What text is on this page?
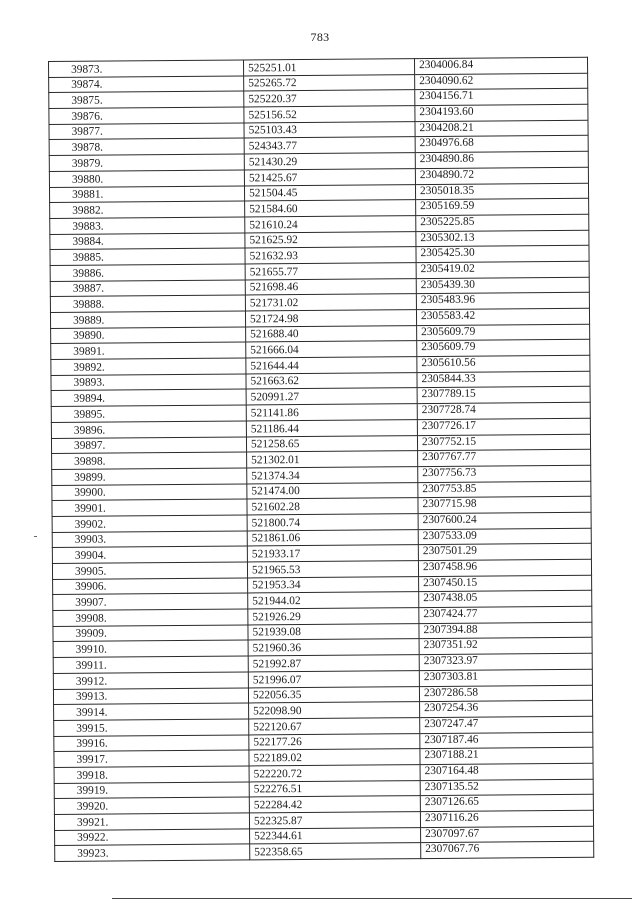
783
39873.	525251.01	2304006.84
39874.	525265.72	2304090.62
39875.	525220.37	2304156.71
39876.	525156.52	2304193.60
39877.	525103.43	2304208.21
39878.	524343.77	2304976.68
39879.	521430.29	2304890.86
39880.	521425.67	2304890.72
39881.	521504.45	2305018.35
39882.	521584.60	2305169.59
39883.	521610.24	2305225.85
39884.	521625.92	2305302.13
39885.	521632.93	2305425.30
39886.	521655.77	2305419.02
39887.	521698.46	2305439.30
39888.	521731.02	2305483.96
39889.	521724.98	2305583.42
39890.	521688.40	2305609.79
39891.	521666.04	2305609.79
39892.	521644.44	2305610.56
39893.	521663.62	2305844.33
39894.	520991.27	2307789.15
39895.	521141.86	2307728.74
39896.	521186.44	2307726.17
39897.	521258.65	2307752.15
39898.	521302.01	2307767.77
39899.	521374.34	2307756.73
39900.	521474.00	2307753.85
39901.	521602.28	2307715.98
39902.	521800.74	2307600.24
39903.	521861.06	2307533.09
39904.	521933.17	2307501.29
39905.	521965.53	2307458.96
39906.	521953.34	2307450.15
39907.	521944.02	2307438.05
39908.	521926.29	2307424.77
39909.	521939.08	2307394.88
39910.	521960.36	2307351.92
39911.	521992.87	2307323.97
39912.	521996.07	2307303.81
39913.	522056.35	2307286.58
39914.	522098.90	2307254.36
39915.	522120.67	2307247.47
39916.	522177.26	2307187.46
39917.	522189.02	2307188.21
39918.	522220.72	2307164.48
39919.	522276.51	2307135.52
39920.	522284.42	2307126.65
39921.	522325.87	2307116.26
39922.	522344.61	2307097.67
39923.	522358.65	2307067.76
